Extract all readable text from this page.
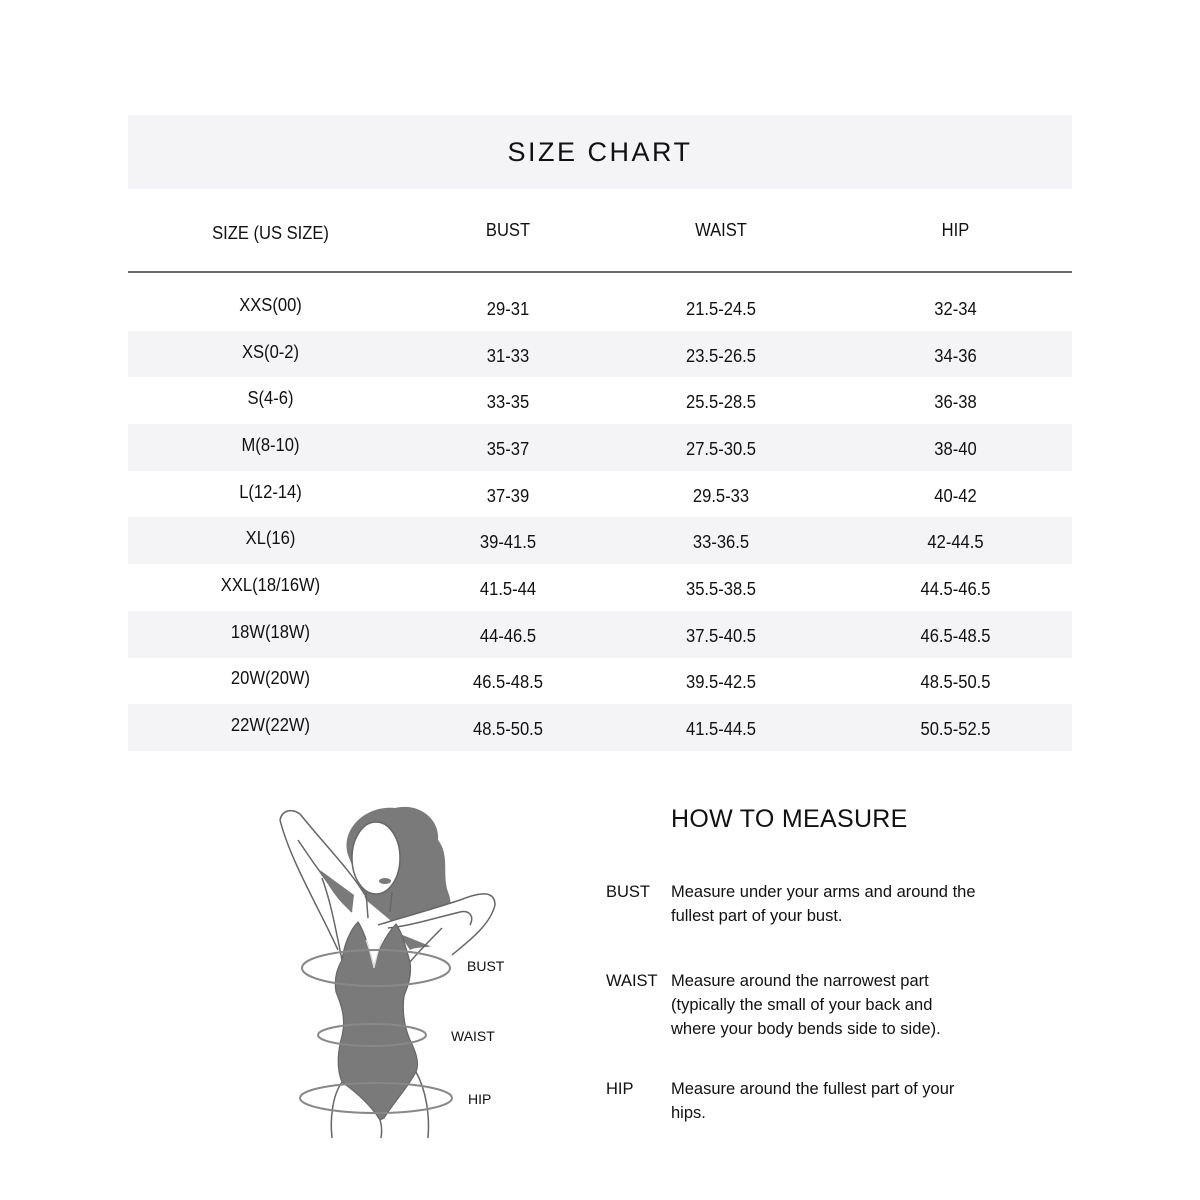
SIZE CHART
SIZE (US SIZE)	BUST	WAIST	HIP
XXS(00)	29-31	21.5-24.5	32-34
XS(0-2)	31-33	23.5-26.5	34-36
S(4-6)	33-35	25.5-28.5	36-38
M(8-10)	35-37	27.5-30.5	38-40
L(12-14)	37-39	29.5-33	40-42
XL(16)	39-41.5	33-36.5	42-44.5
XXL(18/16W)	41.5-44	35.5-38.5	44.5-46.5
18W(18W)	44-46.5	37.5-40.5	46.5-48.5
20W(20W)	46.5-48.5	39.5-42.5	48.5-50.5
22W(22W)	48.5-50.5	41.5-44.5	50.5-52.5
BUST
WAIST
HIP
HOW TO MEASURE
BUST	Measure under your arms and around the fullest part of your bust.
WAIST Measure around the narrowest part (typically the small of your back and where your body bends side to side).
HIP	Measure around the fullest part of your hips.
